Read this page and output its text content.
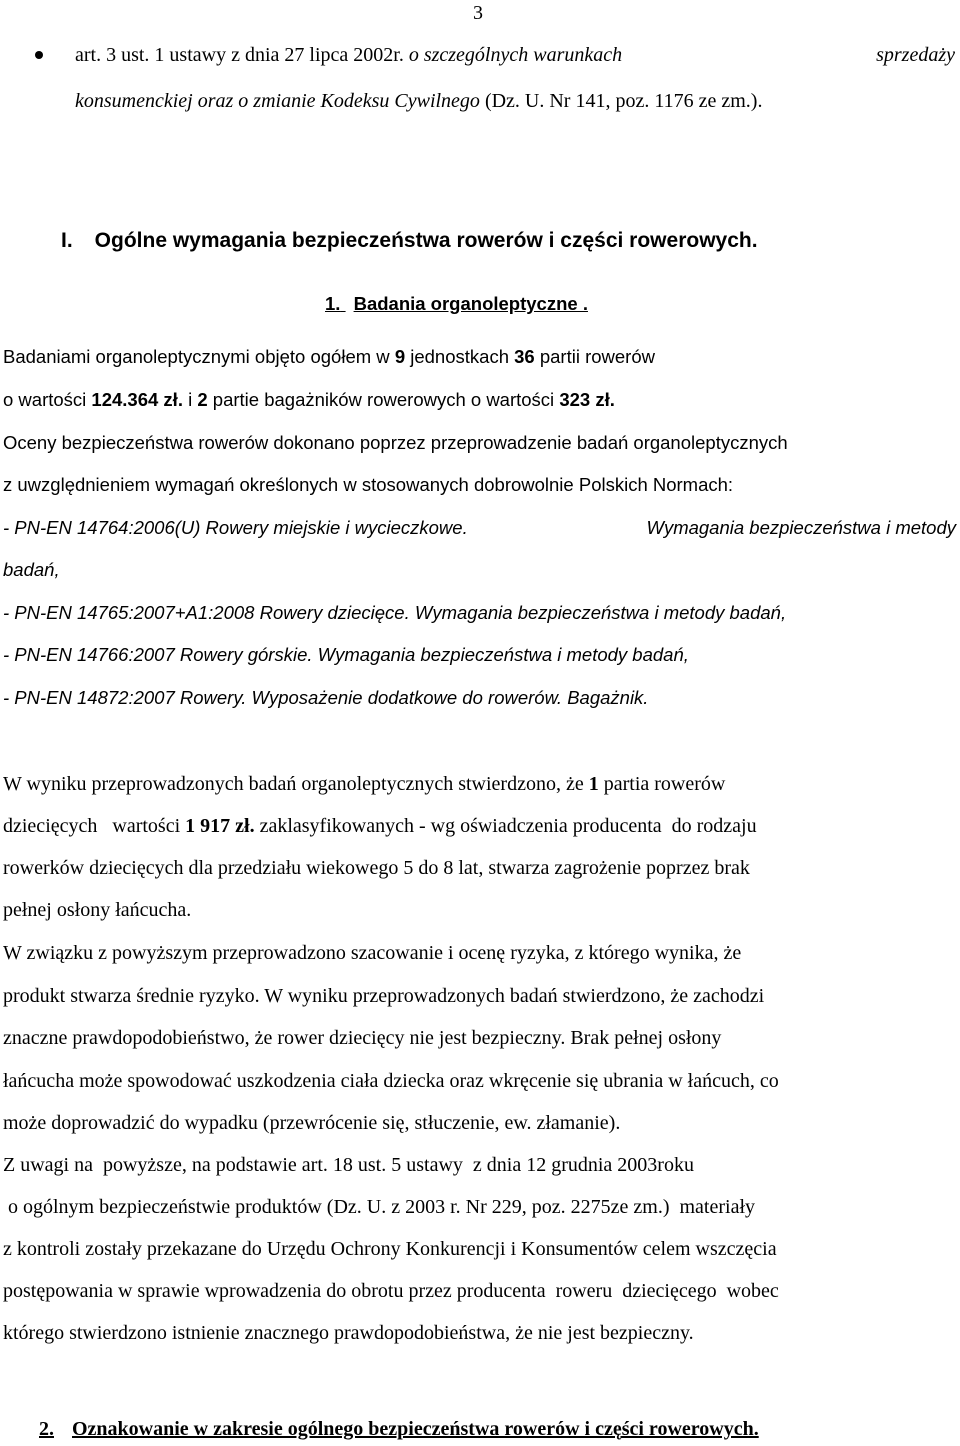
3
art. 3 ust. 1 ustawy z dnia 27 lipca 2002r. o szczególnych warunkach	sprzedaży
konsumenckiej oraz o zmianie Kodeksu Cywilnego (Dz. U. Nr 141, poz. 1176 ze zm.).
I. Ogólne wymagania bezpieczeństwa rowerów i części rowerowych.
1. Badania organoleptyczne .
Badaniami organoleptycznymi objęto ogółem w 9 jednostkach 36 partii rowerów
o wartości 124.364 zł. i 2 partie bagażników rowerowych o wartości 323 zł.
Oceny bezpieczeństwa rowerów dokonano poprzez przeprowadzenie badań organoleptycznych
z uwzględnieniem wymagań określonych w stosowanych dobrowolnie Polskich Normach:
- PN-EN 14764:2006(U) Rowery miejskie i wycieczkowe.	Wymagania bezpieczeństwa i metody
badań,
- PN-EN 14765:2007+A1:2008 Rowery dziecięce. Wymagania bezpieczeństwa i metody badań,
- PN-EN 14766:2007 Rowery górskie. Wymagania bezpieczeństwa i metody badań,
- PN-EN 14872:2007 Rowery. Wyposażenie dodatkowe do rowerów. Bagażnik.
W wyniku przeprowadzonych badań organoleptycznych stwierdzono, że 1 partia rowerów
dziecięcych   wartości 1 917 zł. zaklasyfikowanych - wg oświadczenia producenta  do rodzaju
rowerków dziecięcych dla przedziału wiekowego 5 do 8 lat, stwarza zagrożenie poprzez brak
pełnej osłony łańcucha.
W związku z powyższym przeprowadzono szacowanie i ocenę ryzyka, z którego wynika, że
produkt stwarza średnie ryzyko. W wyniku przeprowadzonych badań stwierdzono, że zachodzi
znaczne prawdopodobieństwo, że rower dziecięcy nie jest bezpieczny. Brak pełnej osłony
łańcucha może spowodować uszkodzenia ciała dziecka oraz wkręcenie się ubrania w łańcuch, co
może doprowadzić do wypadku (przewrócenie się, stłuczenie, ew. złamanie).
Z uwagi na  powyższe, na podstawie art. 18 ust. 5 ustawy  z dnia 12 grudnia 2003roku
o ogólnym bezpieczeństwie produktów (Dz. U. z 2003 r. Nr 229, poz. 2275ze zm.)  materiały
z kontroli zostały przekazane do Urzędu Ochrony Konkurencji i Konsumentów celem wszczęcia
postępowania w sprawie wprowadzenia do obrotu przez producenta  roweru  dziecięcego  wobec
którego stwierdzono istnienie znacznego prawdopodobieństwa, że nie jest bezpieczny.
2. Oznakowanie w zakresie ogólnego bezpieczeństwa rowerów i części rowerowych.
